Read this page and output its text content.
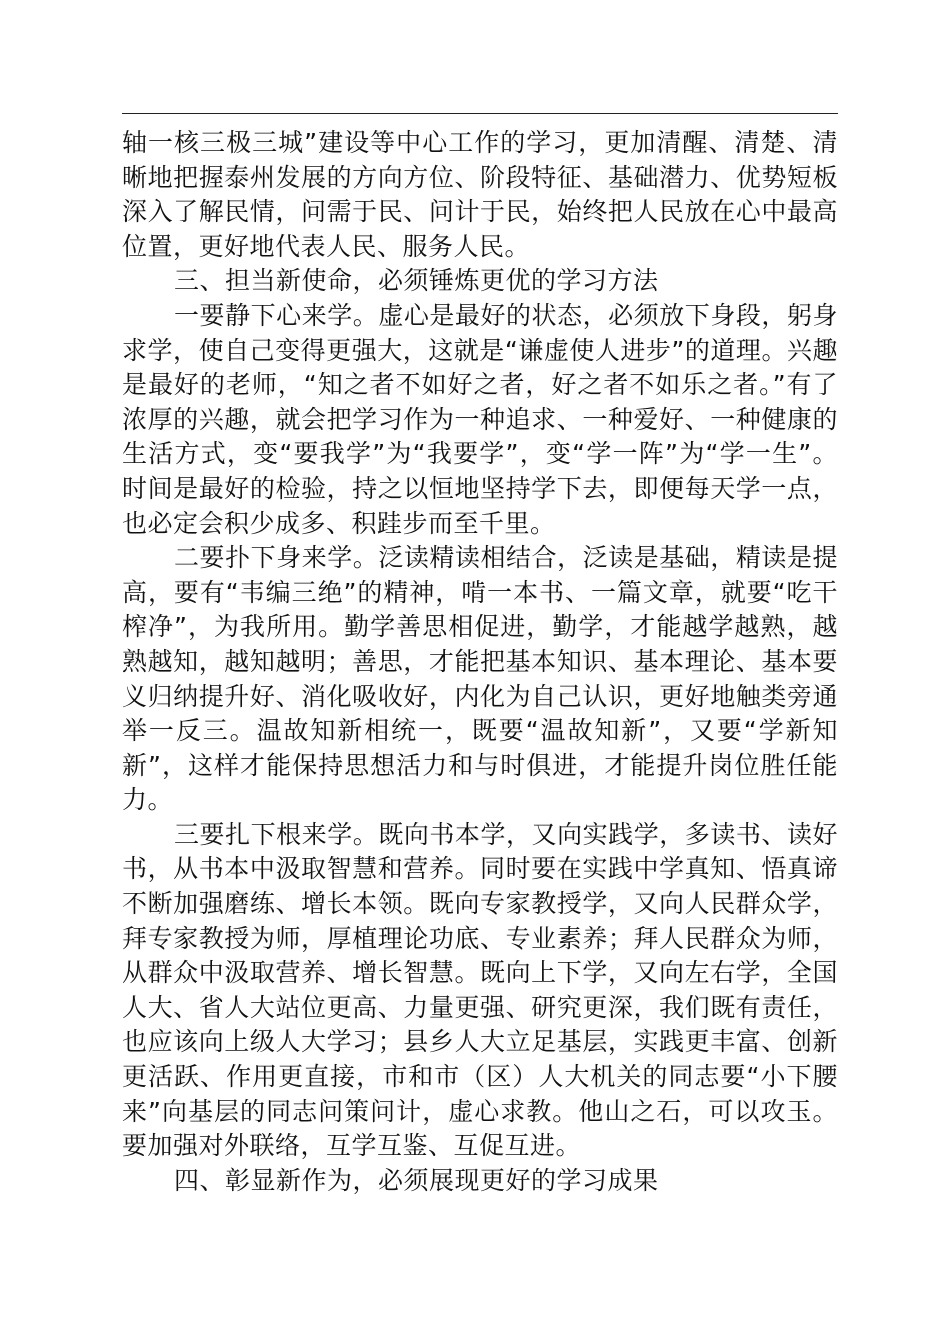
轴一核三极三城”建设等中心工作的学习，更加清醒、清楚、清晰地把握泰州发展的方向方位、阶段特征、基础潜力、优势短板深入了解民情，问需于民、问计于民，始终把人民放在心中最高位置，更好地代表人民、服务人民。

三、担当新使命，必须锤炼更优的学习方法

一要静下心来学。虚心是最好的状态，必须放下身段，躬身求学，使自己变得更强大，这就是“谦虚使人进步”的道理。兴趣是最好的老师，“知之者不如好之者，好之者不如乐之者。”有了浓厚的兴趣，就会把学习作为一种追求、一种爱好、一种健康的生活方式，变“要我学”为“我要学”，变“学一阵”为“学一生”。时间是最好的检验，持之以恒地坚持学下去，即便每天学一点，也必定会积少成多、积跬步而至千里。

二要扑下身来学。泛读精读相结合，泛读是基础，精读是提高，要有“韦编三绝”的精神，啃一本书、一篇文章，就要“吃干榨净”，为我所用。勤学善思相促进，勤学，才能越学越熟，越熟越知，越知越明；善思，才能把基本知识、基本理论、基本要义归纳提升好、消化吸收好，内化为自己认识，更好地触类旁通举一反三。温故知新相统一，既要“温故知新”，又要“学新知新”，这样才能保持思想活力和与时俱进，才能提升岗位胜任能力。

三要扎下根来学。既向书本学，又向实践学，多读书、读好书，从书本中汲取智慧和营养。同时要在实践中学真知、悟真谛不断加强磨练、增长本领。既向专家教授学，又向人民群众学，拜专家教授为师，厚植理论功底、专业素养；拜人民群众为师，从群众中汲取营养、增长智慧。既向上下学，又向左右学，全国人大、省人大站位更高、力量更强、研究更深，我们既有责任，也应该向上级人大学习；县乡人大立足基层，实践更丰富、创新更活跃、作用更直接，市和市（区）人大机关的同志要“小下腰来”向基层的同志问策问计，虚心求教。他山之石，可以攻玉。要加强对外联络，互学互鉴、互促互进。

四、彰显新作为，必须展现更好的学习成果
